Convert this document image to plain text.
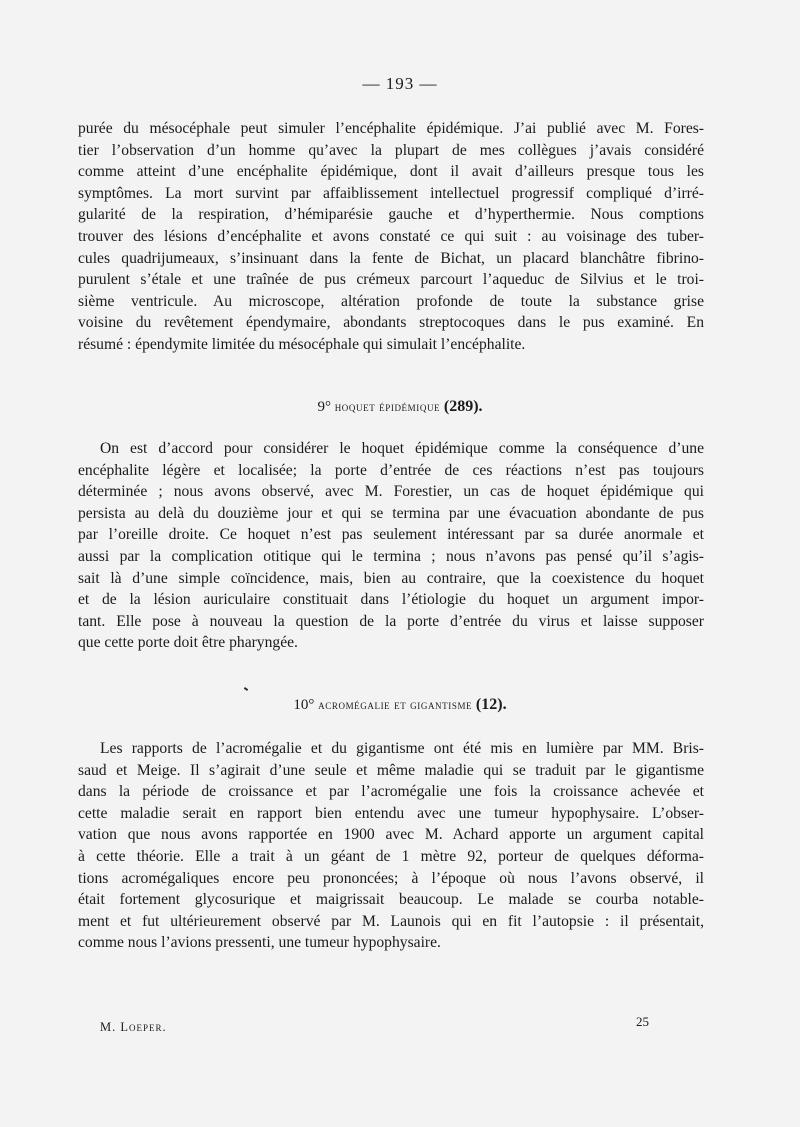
— 193 —
purée du mésocéphale peut simuler l’encéphalite épidémique. J’ai publié avec M. Fores-
tier l’observation d’un homme qu’avec la plupart de mes collègues j’avais considéré
comme atteint d’une encéphalite épidémique, dont il avait d’ailleurs presque tous les
symptômes. La mort survint par affaiblissement intellectuel progressif compliqué d’irré-
gularité de la respiration, d’hémiparésie gauche et d’hyperthermie. Nous comptions
trouver des lésions d’encéphalite et avons constaté ce qui suit : au voisinage des tuber-
cules quadrijumeaux, s’insinuant dans la fente de Bichat, un placard blanchâtre fibrino-
purulent s’étale et une traînée de pus crémeux parcourt l’aqueduc de Silvius et le troi-
sième ventricule. Au microscope, altération profonde de toute la substance grise
voisine du revêtement épendymaire, abondants streptocoques dans le pus examiné. En
résumé : épendymite limitée du mésocéphale qui simulait l’encéphalite.
9° hoquet épidémique (289).
On est d’accord pour considérer le hoquet épidémique comme la conséquence d’une
encéphalite légère et localisée; la porte d’entrée de ces réactions n’est pas toujours
déterminée ; nous avons observé, avec M. Forestier, un cas de hoquet épidémique qui
persista au delà du douzième jour et qui se termina par une évacuation abondante de pus
par l’oreille droite. Ce hoquet n’est pas seulement intéressant par sa durée anormale et
aussi par la complication otitique qui le termina ; nous n’avons pas pensé qu’il s’agis-
sait là d’une simple coïncidence, mais, bien au contraire, que la coexistence du hoquet
et de la lésion auriculaire constituait dans l’étiologie du hoquet un argument impor-
tant. Elle pose à nouveau la question de la porte d’entrée du virus et laisse supposer
que cette porte doit être pharyngée.
10° acromégalie et gigantisme (12).
Les rapports de l’acromégalie et du gigantisme ont été mis en lumière par MM. Bris-
saud et Meige. Il s’agirait d’une seule et même maladie qui se traduit par le gigantisme
dans la période de croissance et par l’acromégalie une fois la croissance achevée et
cette maladie serait en rapport bien entendu avec une tumeur hypophysaire. L’obser-
vation que nous avons rapportée en 1900 avec M. Achard apporte un argument capital
à cette théorie. Elle a trait à un géant de 1 mètre 92, porteur de quelques déforma-
tions acromégaliques encore peu prononcées; à l’époque où nous l’avons observé, il
était fortement glycosurique et maigrissait beaucoup. Le malade se courba notable-
ment et fut ultérieurement observé par M. Launois qui en fit l’autopsie : il présentait,
comme nous l’avions pressenti, une tumeur hypophysaire.
M. Loeper.	25
